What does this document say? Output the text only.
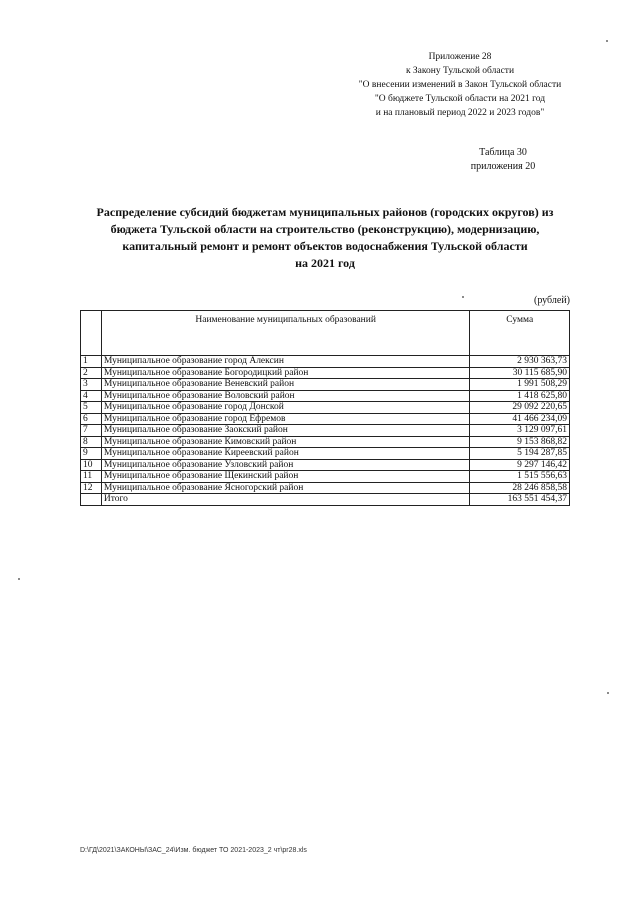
Приложение 28
к Закону Тульской области
"О внесении изменений в Закон Тульской области
"О бюджете Тульской области на 2021 год
и на плановый период 2022 и 2023 годов"
Таблица 30
приложения 20
Распределение субсидий бюджетам муниципальных районов (городских округов) из
бюджета Тульской области на строительство (реконструкцию), модернизацию,
капитальный ремонт и ремонт объектов водоснабжения Тульской области
на 2021 год
(рублей)
	Наименование муниципальных образований	Сумма
1	Муниципальное образование город Алексин	2 930 363,73
2	Муниципальное образование Богородицкий район	30 115 685,90
3	Муниципальное образование Веневский район	1 991 508,29
4	Муниципальное образование Воловский район	1 418 625,80
5	Муниципальное образование город Донской	29 092 220,65
6	Муниципальное образование город Ефремов	41 466 234,09
7	Муниципальное образование Заокский район	3 129 097,61
8	Муниципальное образование Кимовский район	9 153 868,82
9	Муниципальное образование Киреевский район	5 194 287,85
10	Муниципальное образование Узловский район	9 297 146,42
11	Муниципальное образование Щекинский район	1 515 556,63
12	Муниципальное образование Ясногорский район	28 246 858,58
	Итого	163 551 454,37
D:\ГД\2021\ЗАКОНЫ\ЗАС_24\Изм. бюджет ТО 2021-2023_2 чт\pr28.xls
